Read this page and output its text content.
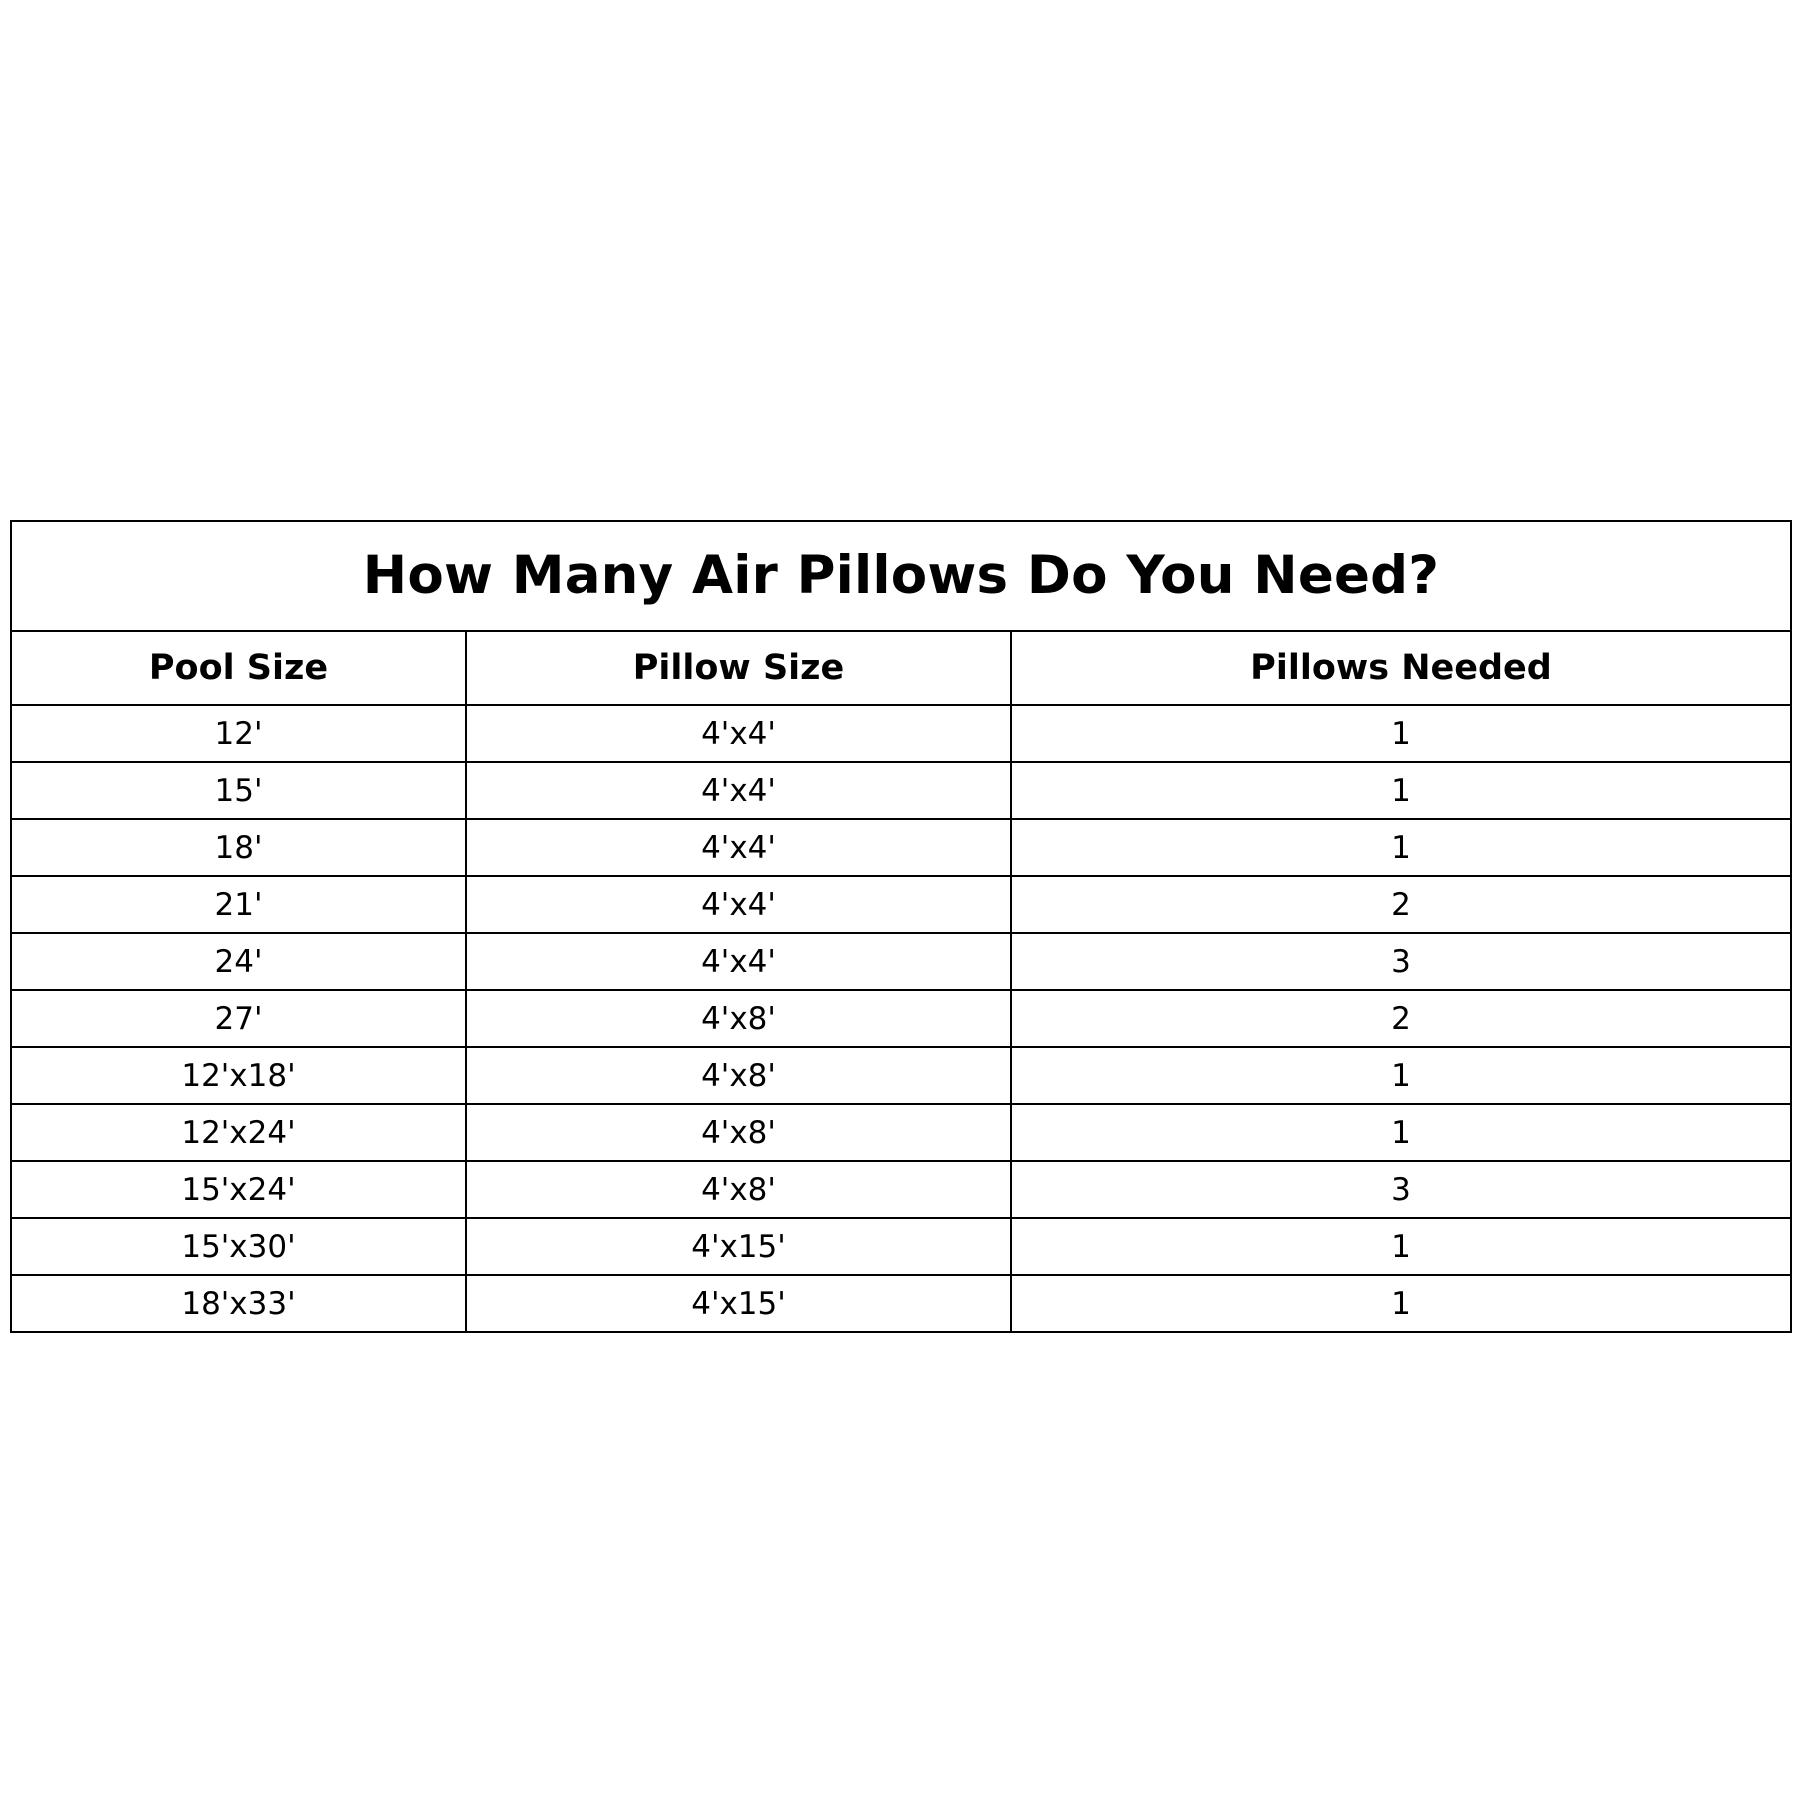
How Many Air Pillows Do You Need?		
Pool Size	Pillow Size	Pillows Needed
12'	4'x4'	1
15'	4'x4'	1
18'	4'x4'	1
21'	4'x4'	2
24'	4'x4'	3
27'	4'x8'	2
12'x18'	4'x8'	1
12'x24'	4'x8'	1
15'x24'	4'x8'	3
15'x30'	4'x15'	1
18'x33'	4'x15'	1
